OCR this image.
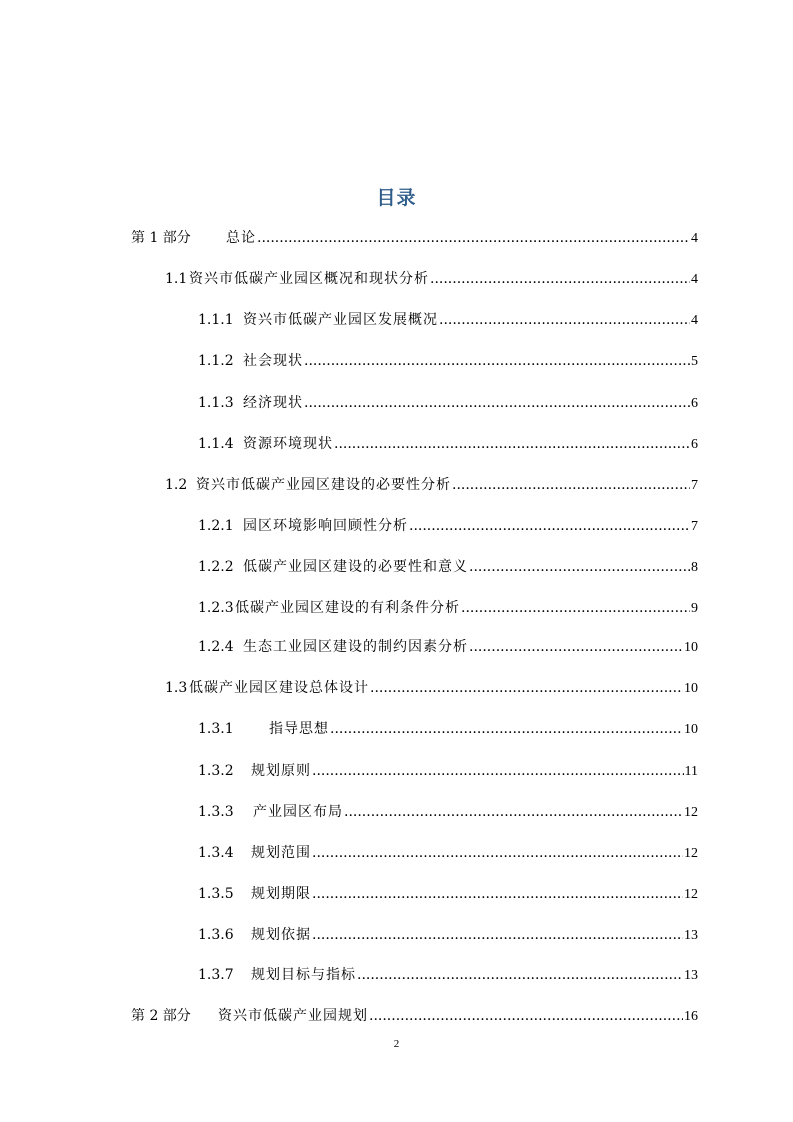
目录
第 1 部分	总论 .....	4
1.1 资兴市低碳产业园区概况和现状分析 .....	4
1.1.1 资兴市低碳产业园区发展概况 .....	4
1.1.2 社会现状 .....	5
1.1.3 经济现状 .....	6
1.1.4 资源环境现状 .....	6
1.2 资兴市低碳产业园区建设的必要性分析 .....	7
1.2.1 园区环境影响回顾性分析 .....	7
1.2.2 低碳产业园区建设的必要性和意义 .....	8
1.2.3 低碳产业园区建设的有利条件分析 .....	9
1.2.4 生态工业园区建设的制约因素分析 .....	10
1.3 低碳产业园区建设总体设计 .....	10
1.3.1	指导思想 .....	10
1.3.2	规划原则 .....	11
1.3.3	产业园区布局 .....	12
1.3.4	规划范围 .....	12
1.3.5	规划期限 .....	12
1.3.6	规划依据 .....	13
1.3.7	规划目标与指标 .....	13
第 2 部分	资兴市低碳产业园规划 .....	16
2
